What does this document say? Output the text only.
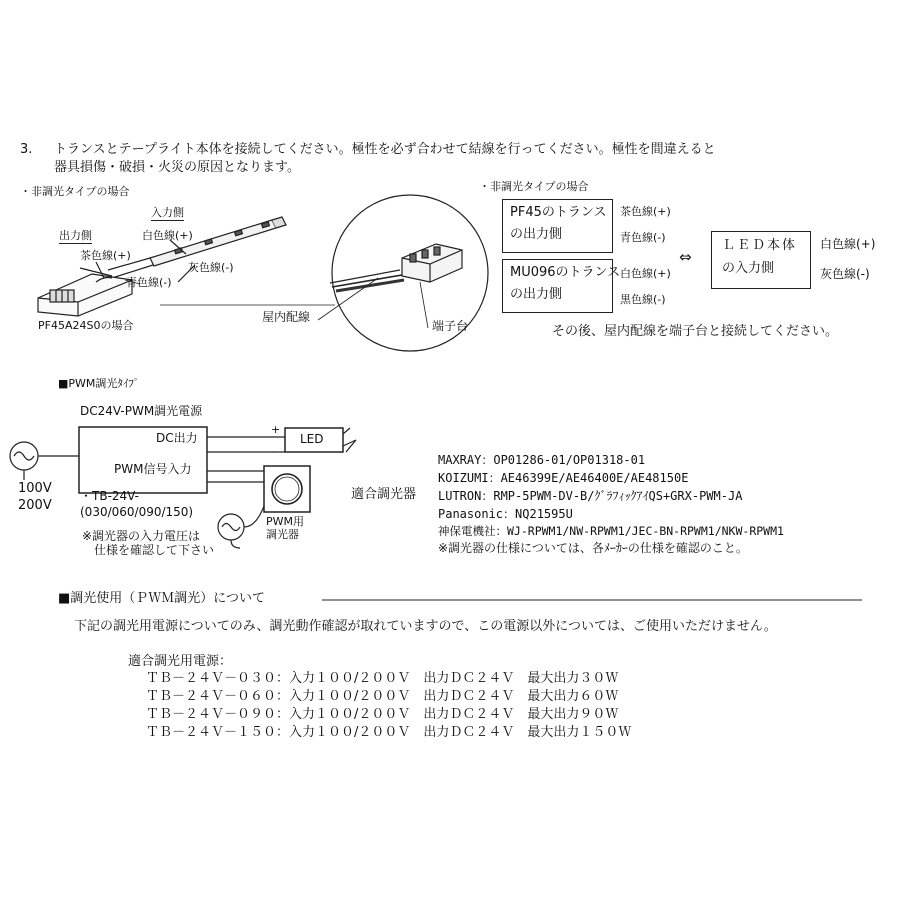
3. トランスとテープライト本体を接続してください。極性を必ず合わせて結線を行ってください。極性を間違えると
器具損傷・破損・火災の原因となります。
・非調光タイプの場合
入力側
出力側	白色線(+)
茶色線(+)
灰色線(-)
青色線(-)
屋内配線
端子台
PF45A24S0の場合
・非調光タイプの場合
PF45のトランス
の出力側
茶色線(+)
青色線(-)
MU096のトランス
の出力側
白色線(+)
黒色線(-)
⇔
ＬＥＤ本体
の入力側
白色線(+)
灰色線(-)
その後、屋内配線を端子台と接続してください。
■PWM調光ﾀｲﾌﾟ
DC24V-PWM調光電源
DC出力
PWM信号入力
+
-
LED
100V
200V
・TB-24V-
(030/060/090/150)
PWM用
調光器
※調光器の入力電圧は
仕様を確認して下さい
適合調光器
MAXRAY：OP01286-01/OP01318-01
KOIZUMI：AE46399E/AE46400E/AE48150E
LUTRON：RMP-5PWM-DV-B/ｸﾞﾗﾌｨｯｸｱｲQS+GRX-PWM-JA
Panasonic：NQ21595U
神保電機社：WJ-RPWM1/NW-RPWM1/JEC-BN-RPWM1/NKW-RPWM1
※調光器の仕様については、各ﾒｰｶｰの仕様を確認のこと。
■調光使用（ＰＷＭ調光）について
下記の調光用電源についてのみ、調光動作確認が取れていますので、この電源以外については、ご使用いただけません。
適合調光用電源：
ＴＢ－２４Ｖ－０３０：入力１００/２００Ｖ　出力ＤＣ２４Ｖ　最大出力３０Ｗ
ＴＢ－２４Ｖ－０６０：入力１００/２００Ｖ　出力ＤＣ２４Ｖ　最大出力６０Ｗ
ＴＢ－２４Ｖ－０９０：入力１００/２００Ｖ　出力ＤＣ２４Ｖ　最大出力９０Ｗ
ＴＢ－２４Ｖ－１５０：入力１００/２００Ｖ　出力ＤＣ２４Ｖ　最大出力１５０Ｗ
